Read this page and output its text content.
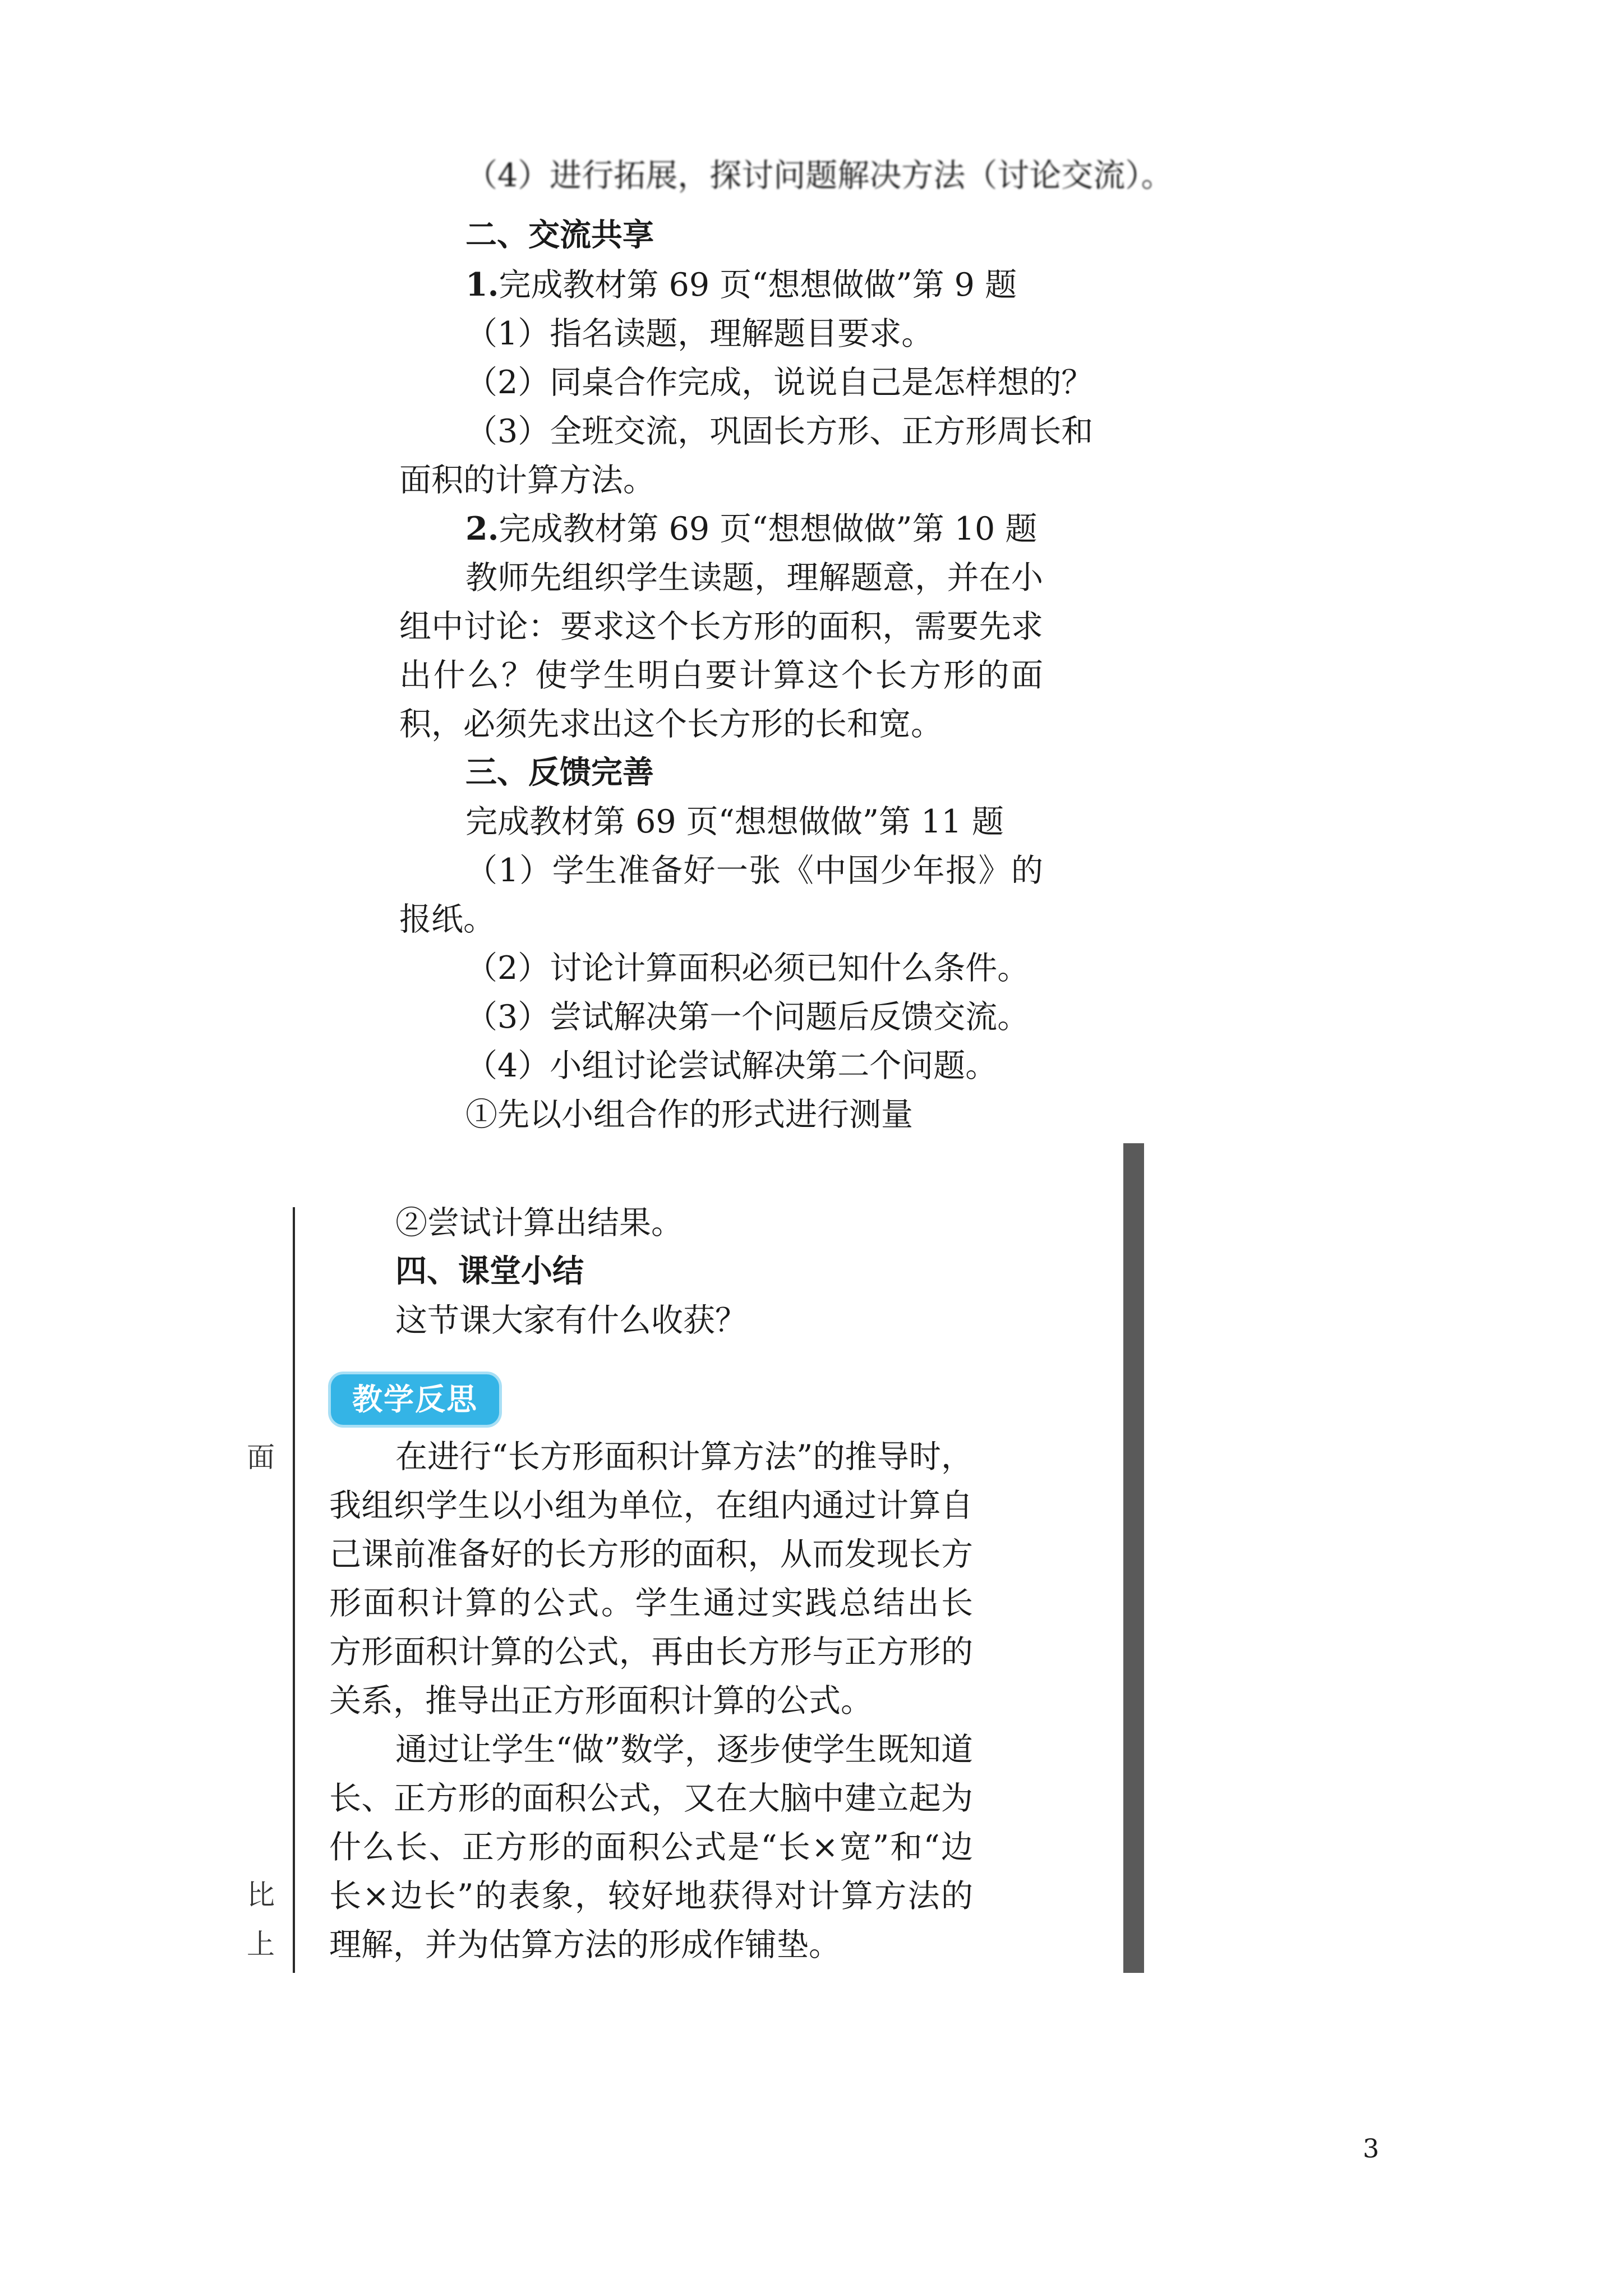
（4）进行拓展，探讨问题解决方法（讨论交流）。
二、交流共享
1.完成教材第 69 页“想想做做”第 9 题
（1）指名读题，理解题目要求。
（2）同桌合作完成，说说自己是怎样想的？
（3）全班交流，巩固长方形、正方形周长和
面积的计算方法。
2.完成教材第 69 页“想想做做”第 10 题
教师先组织学生读题，理解题意，并在小
组中讨论：要求这个长方形的面积，需要先求
出什么？使学生明白要计算这个长方形的面
积，必须先求出这个长方形的长和宽。
三、反馈完善
完成教材第 69 页“想想做做”第 11 题
（1）学生准备好一张《中国少年报》的
报纸。
（2）讨论计算面积必须已知什么条件。
（3）尝试解决第一个问题后反馈交流。
（4）小组讨论尝试解决第二个问题。
①先以小组合作的形式进行测量
②尝试计算出结果。
四、课堂小结
这节课大家有什么收获？
教学反思
在进行“长方形面积计算方法”的推导时，
我组织学生以小组为单位，在组内通过计算自
己课前准备好的长方形的面积，从而发现长方
形面积计算的公式。学生通过实践总结出长
方形面积计算的公式，再由长方形与正方形的
关系，推导出正方形面积计算的公式。
通过让学生“做”数学，逐步使学生既知道
长、正方形的面积公式，又在大脑中建立起为
什么长、正方形的面积公式是“长×宽”和“边
长×边长”的表象，较好地获得对计算方法的
理解，并为估算方法的形成作铺垫。
面
比
上
3
